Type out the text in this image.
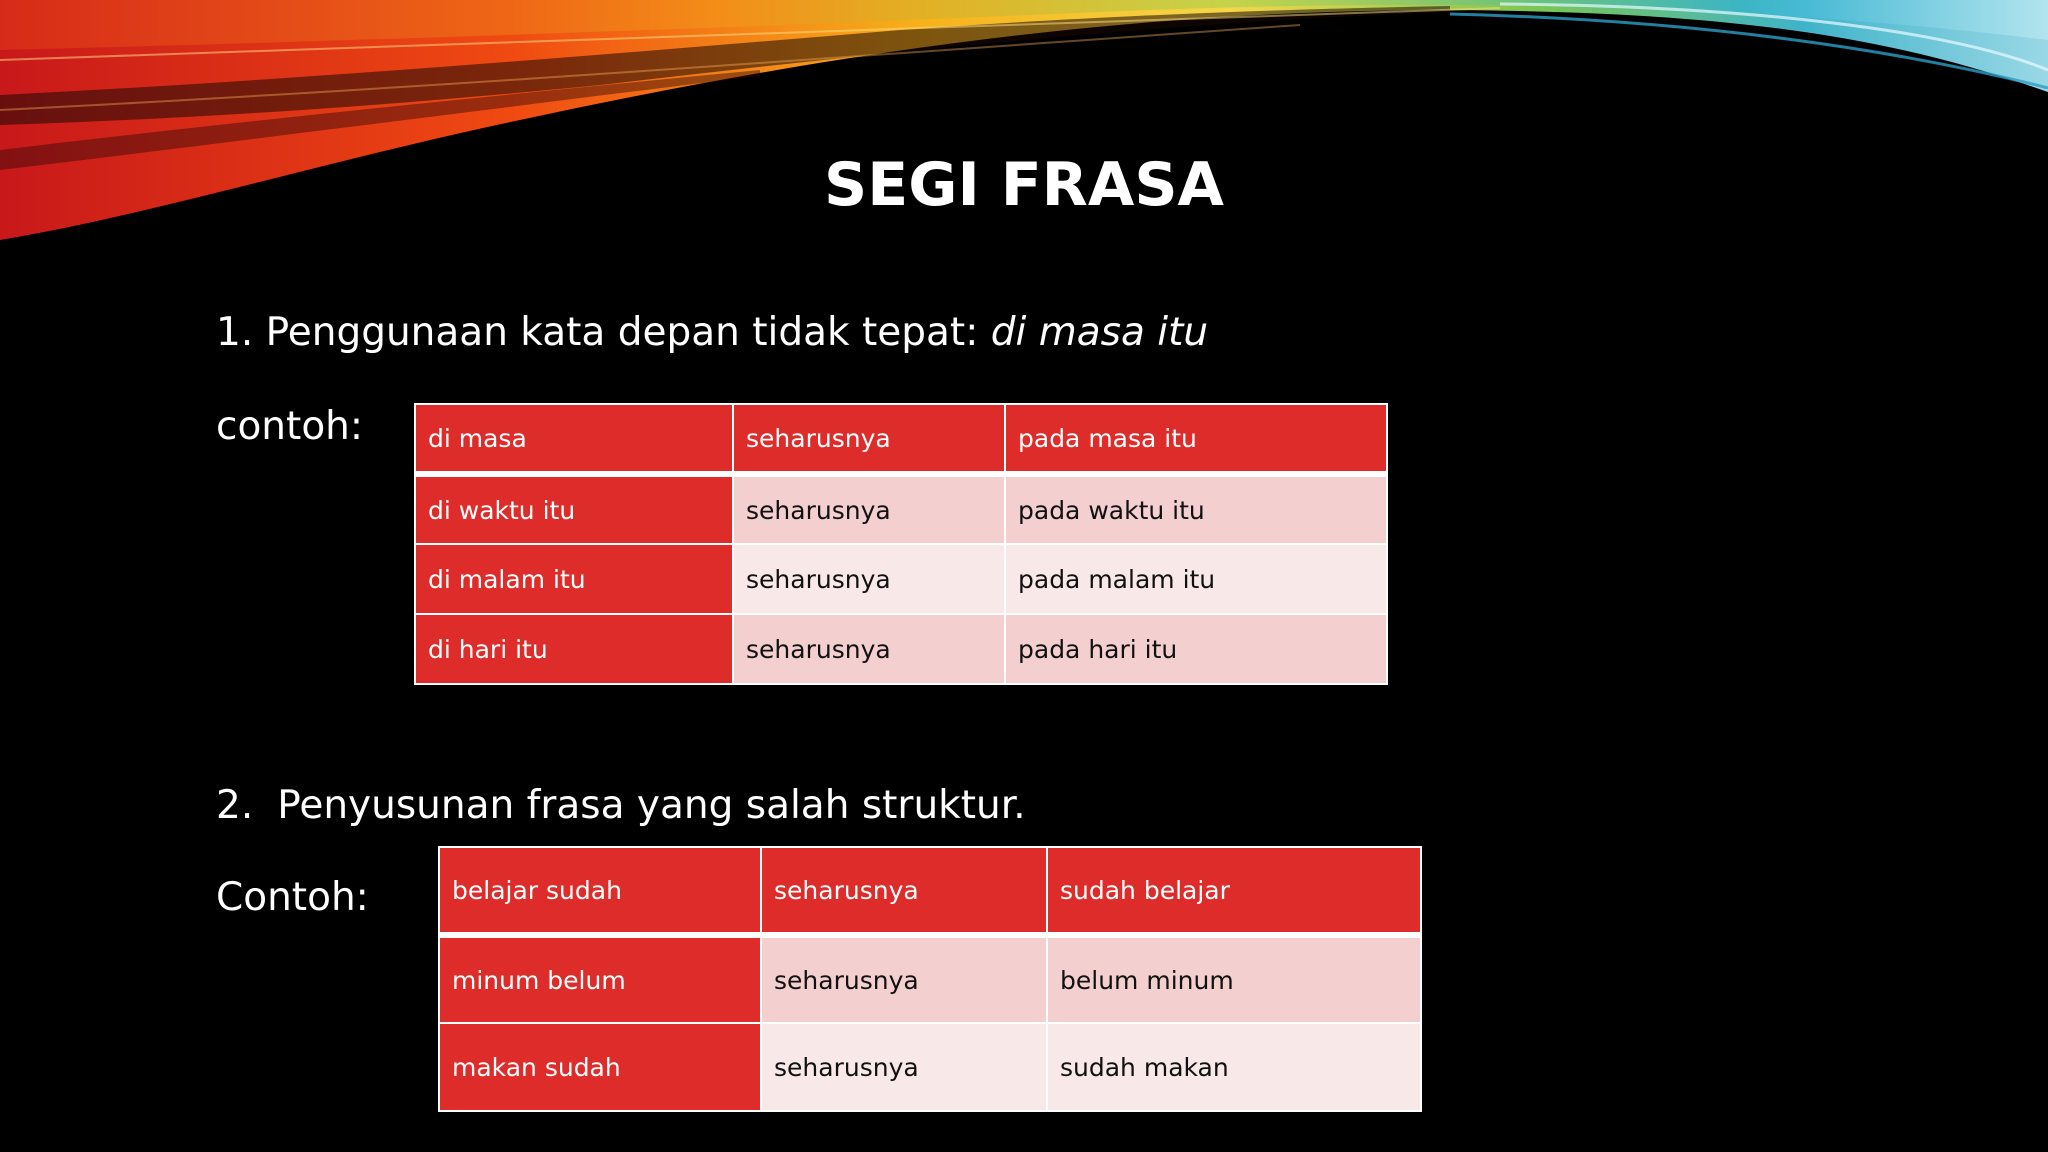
SEGI FRASA
1. Penggunaan kata depan tidak tepat: di masa itu
contoh:	di masa	seharusnya	pada masa itu
di waktu itu	seharusnya	pada waktu itu
di malam itu	seharusnya	pada malam itu
di hari itu	seharusnya	pada hari itu
2. Penyusunan frasa yang salah struktur.
Contoh:	belajar sudah	seharusnya	sudah belajar
minum belum	seharusnya	belum minum
makan sudah	seharusnya	sudah makan
